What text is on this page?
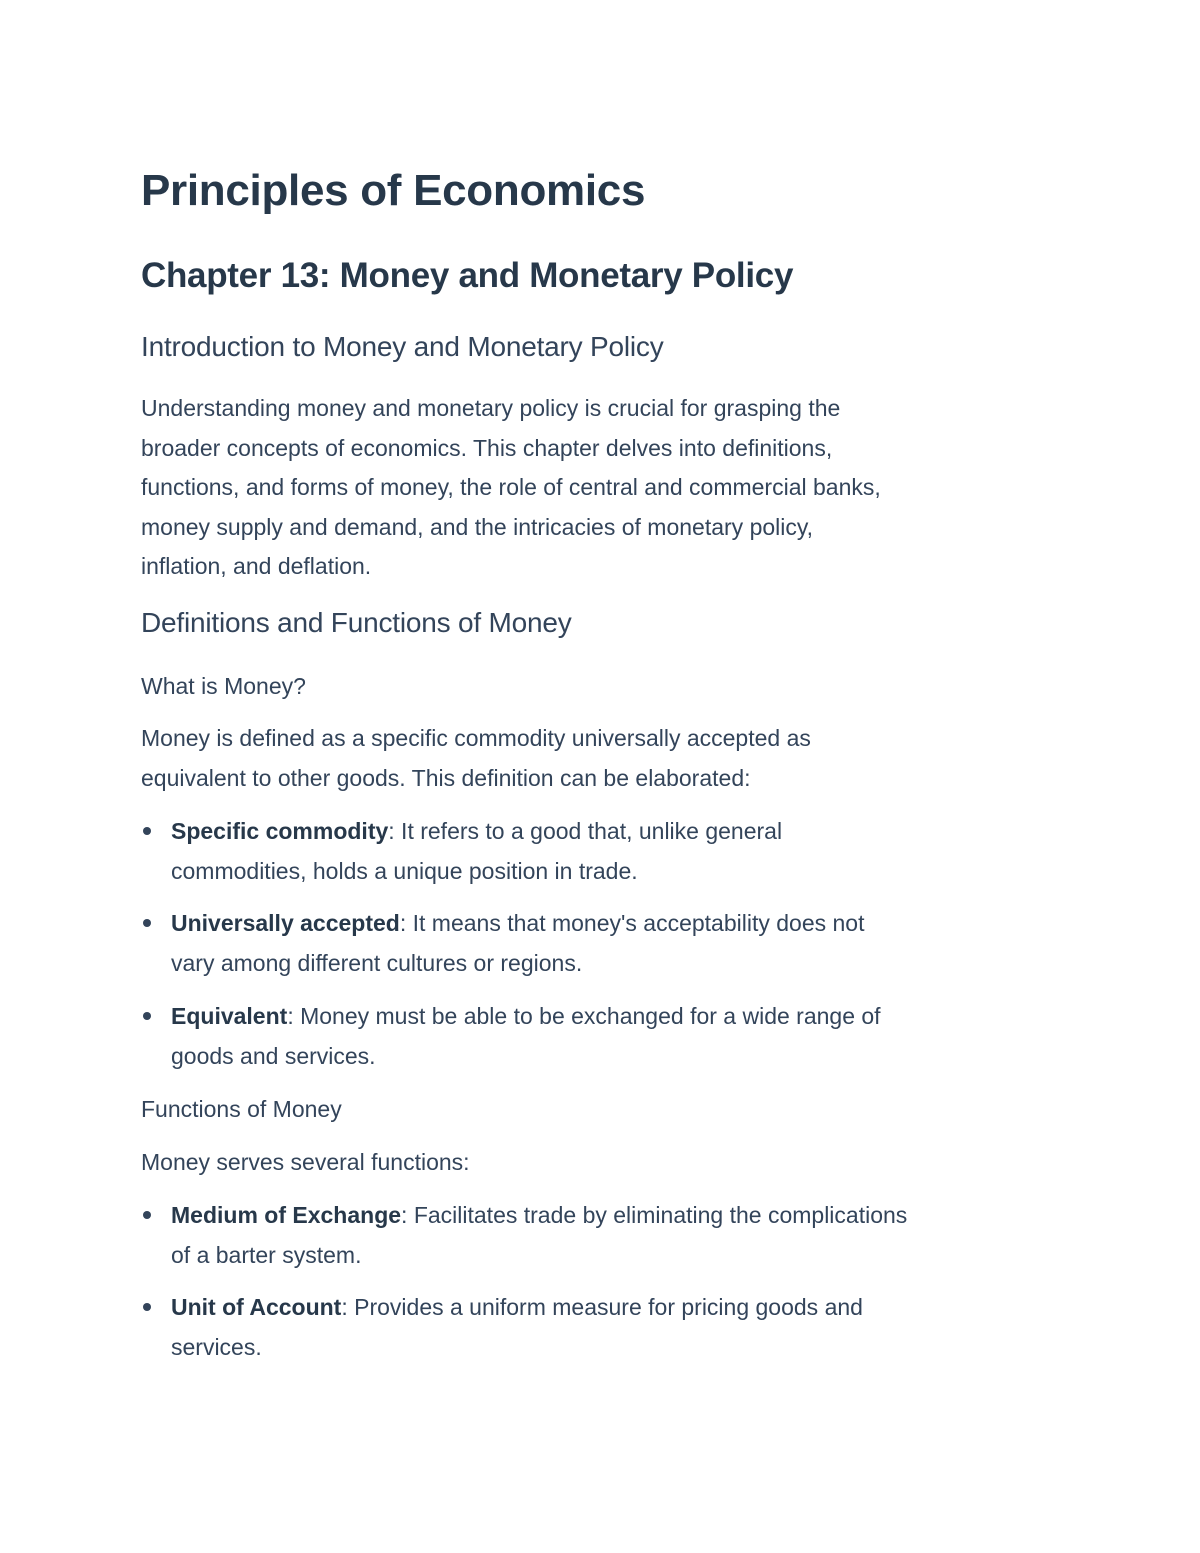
Principles of Economics
Chapter 13: Money and Monetary Policy
Introduction to Money and Monetary Policy
Understanding money and monetary policy is crucial for grasping the
broader concepts of economics. This chapter delves into definitions,
functions, and forms of money, the role of central and commercial banks,
money supply and demand, and the intricacies of monetary policy,
inflation, and deflation.
Definitions and Functions of Money
What is Money?
Money is defined as a specific commodity universally accepted as
equivalent to other goods. This definition can be elaborated:
Specific commodity: It refers to a good that, unlike general
commodities, holds a unique position in trade.
Universally accepted: It means that money's acceptability does not
vary among different cultures or regions.
Equivalent: Money must be able to be exchanged for a wide range of
goods and services.
Functions of Money
Money serves several functions:
Medium of Exchange: Facilitates trade by eliminating the complications
of a barter system.
Unit of Account: Provides a uniform measure for pricing goods and
services.
